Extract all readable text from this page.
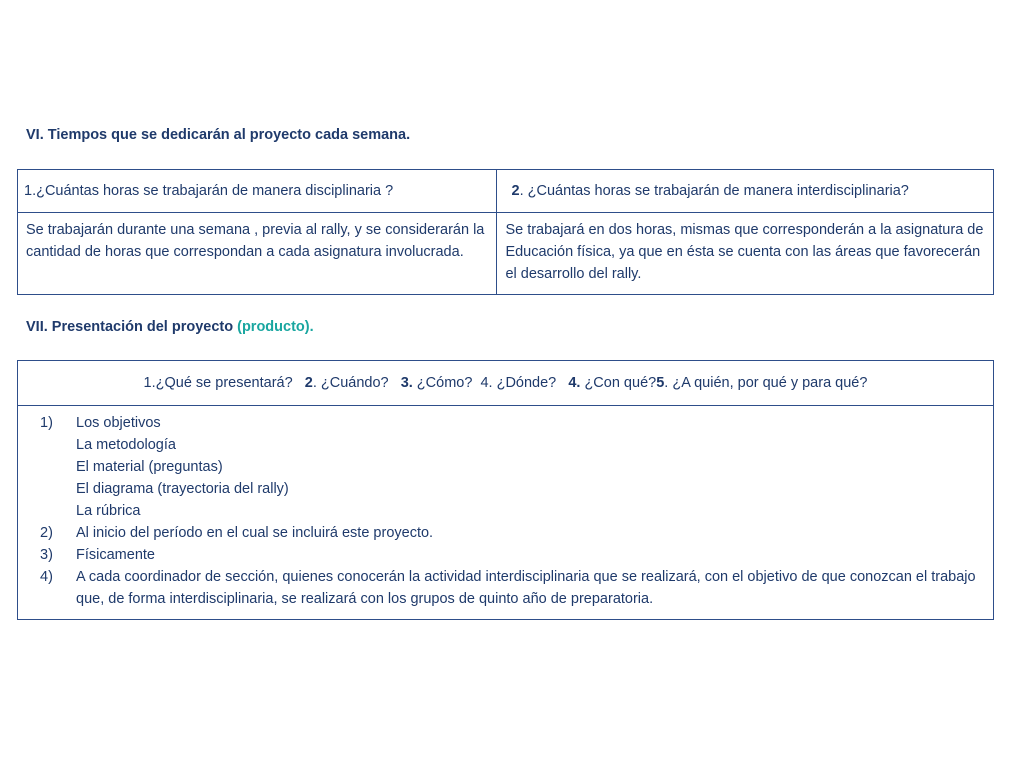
VI. Tiempos que se dedicarán al proyecto cada semana.
1.¿Cuántas horas se trabajarán de manera disciplinaria ?	2. ¿Cuántas horas se trabajarán de manera interdisciplinaria?
Se trabajarán durante una semana , previa al rally, y se considerarán la cantidad de horas que correspondan a cada asignatura involucrada.	Se trabajará en dos horas, mismas que corresponderán a la asignatura de Educación física, ya que en ésta se cuenta con las áreas que favorecerán el desarrollo del rally.
VII. Presentación del proyecto (producto).
1.¿Qué se presentará?   2. ¿Cuándo?   3. ¿Cómo?  4. ¿Dónde?   4. ¿Con qué?5. ¿A quién, por qué y para qué?

1)	Los objetivos
La metodología
El material (preguntas)
El diagrama (trayectoria del rally)
La rúbrica
2)	Al inicio del período en el cual se incluirá este proyecto.
3)	Físicamente
4)	A cada coordinador de sección, quienes conocerán la actividad interdisciplinaria que se realizará, con el objetivo de que conozcan el trabajo que, de forma interdisciplinaria, se realizará con los grupos de quinto año de preparatoria.
